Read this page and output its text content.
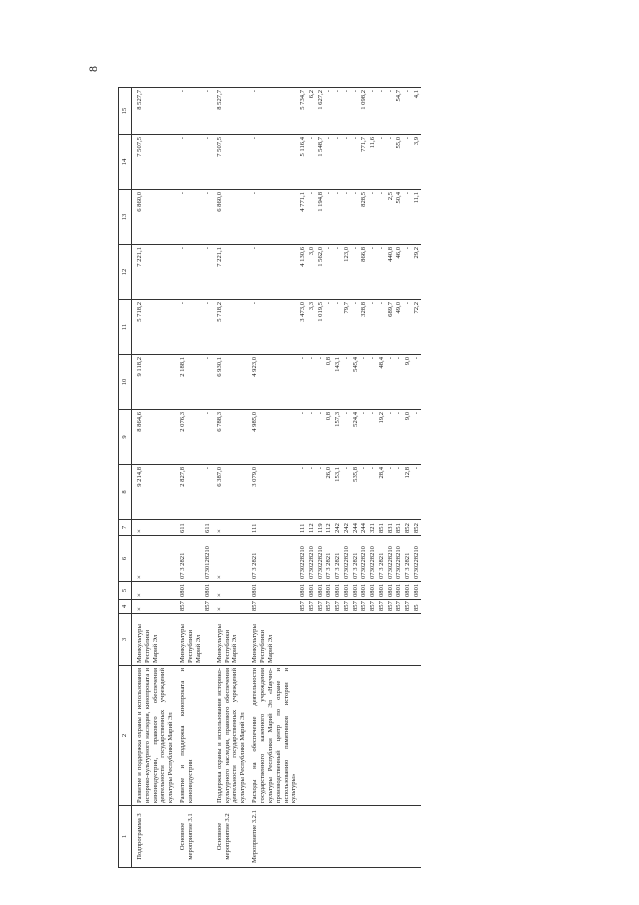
8
1	2	3	4	5	6	7	8	9	10	11	12	13	14	15
Подпрограмма 3	Развитие и поддержка охраны и использования историко-культурного наследия, кинопроката и киноиндустрии, правового обеспечения деятельности государственных учреждений культуры Республики Марий Эл	Минкультуры Республики Марий Эл	×	×	×	×	9 214,8	8 864,6	9 118,2	5 718,2	7 221,1	6 860,0	7 507,5	8 527,7
Основное мероприятие 3.1	Развитие и поддержка кинопроката и киноиндустрии	Минкультуры Республики Марий Эл	857	0801	07 3 2821	611	2 827,8	2 076,3	2 188,1	-	-	-	-	-
			857	0801	0730128210	611	-	-	-	-	-	-	-	-
Основное мероприятие 3.2	Поддержка охраны и использования историко-культурного наследия, правового обеспечения деятельности государственных учреждений культуры Республики Марий Эл	Минкультуры Республики Марий Эл	×	×	×	×	6 387,0	6 788,3	6 930,1	5 718,2	7 221,1	6 860,0	7 507,5	8 527,7
Мероприятие 3.2.1	Расходы на обеспечение деятельности государственного казенного учреждения культуры Республики Марий Эл «Научно-производственный центр по охране и использованию памятников истории и культуры»	Минкультуры Республики Марий Эл	857	0801	07 3 2821	111	3 079,0	4 985,0	4 923,0	-	-	-	-	-
			857	0801	0730228210	111	-	-	-	3 473,0	4 130,6	4 771,1	5 116,4	5 734,7
			857	0801	0730228210	112	-	-	-	3,3	3,0	-	-	6,2
			857	0801	0730228210	119	-	-	-	1 019,5	1 562,0	1 194,8	1 548,7	1 627,2
			857	0801	07 3 2821	112	26,0	0,8	0,8	-	-	-	-	-
			857	0801	07 3 2821	242	153,1	157,3	143,1	-	-	-	-	-
			857	0801	0730228210	242	-	-	-	79,7	123,0	-	-	-
			857	0801	07 3 2821	244	535,8	524,4	545,4	-	-	-	-	-
			857	0801	0730228210	244	-	-	-	328,8	866,8	828,5	771,7	1 098,2
			857	0801	0730228210	321	-	-	-	-	-	-	11,6	-
			857	0801	07 3 2821	851	28,4	19,2	48,4	-	-	-	-	-
			857	0801	0730228210	831	-	-	-	689,7	440,8	2,5	-	-
			857	0801	0730228210	851	-	-	-	49,0	46,0	50,4	55,0	54,7
			857	0801	07 3 2821	852	12,8	9,0	9,0	-	-	-	-	-
			85	0801	0730228210	852	-	-	-	72,2	29,2	11,1	3,9	4,1
